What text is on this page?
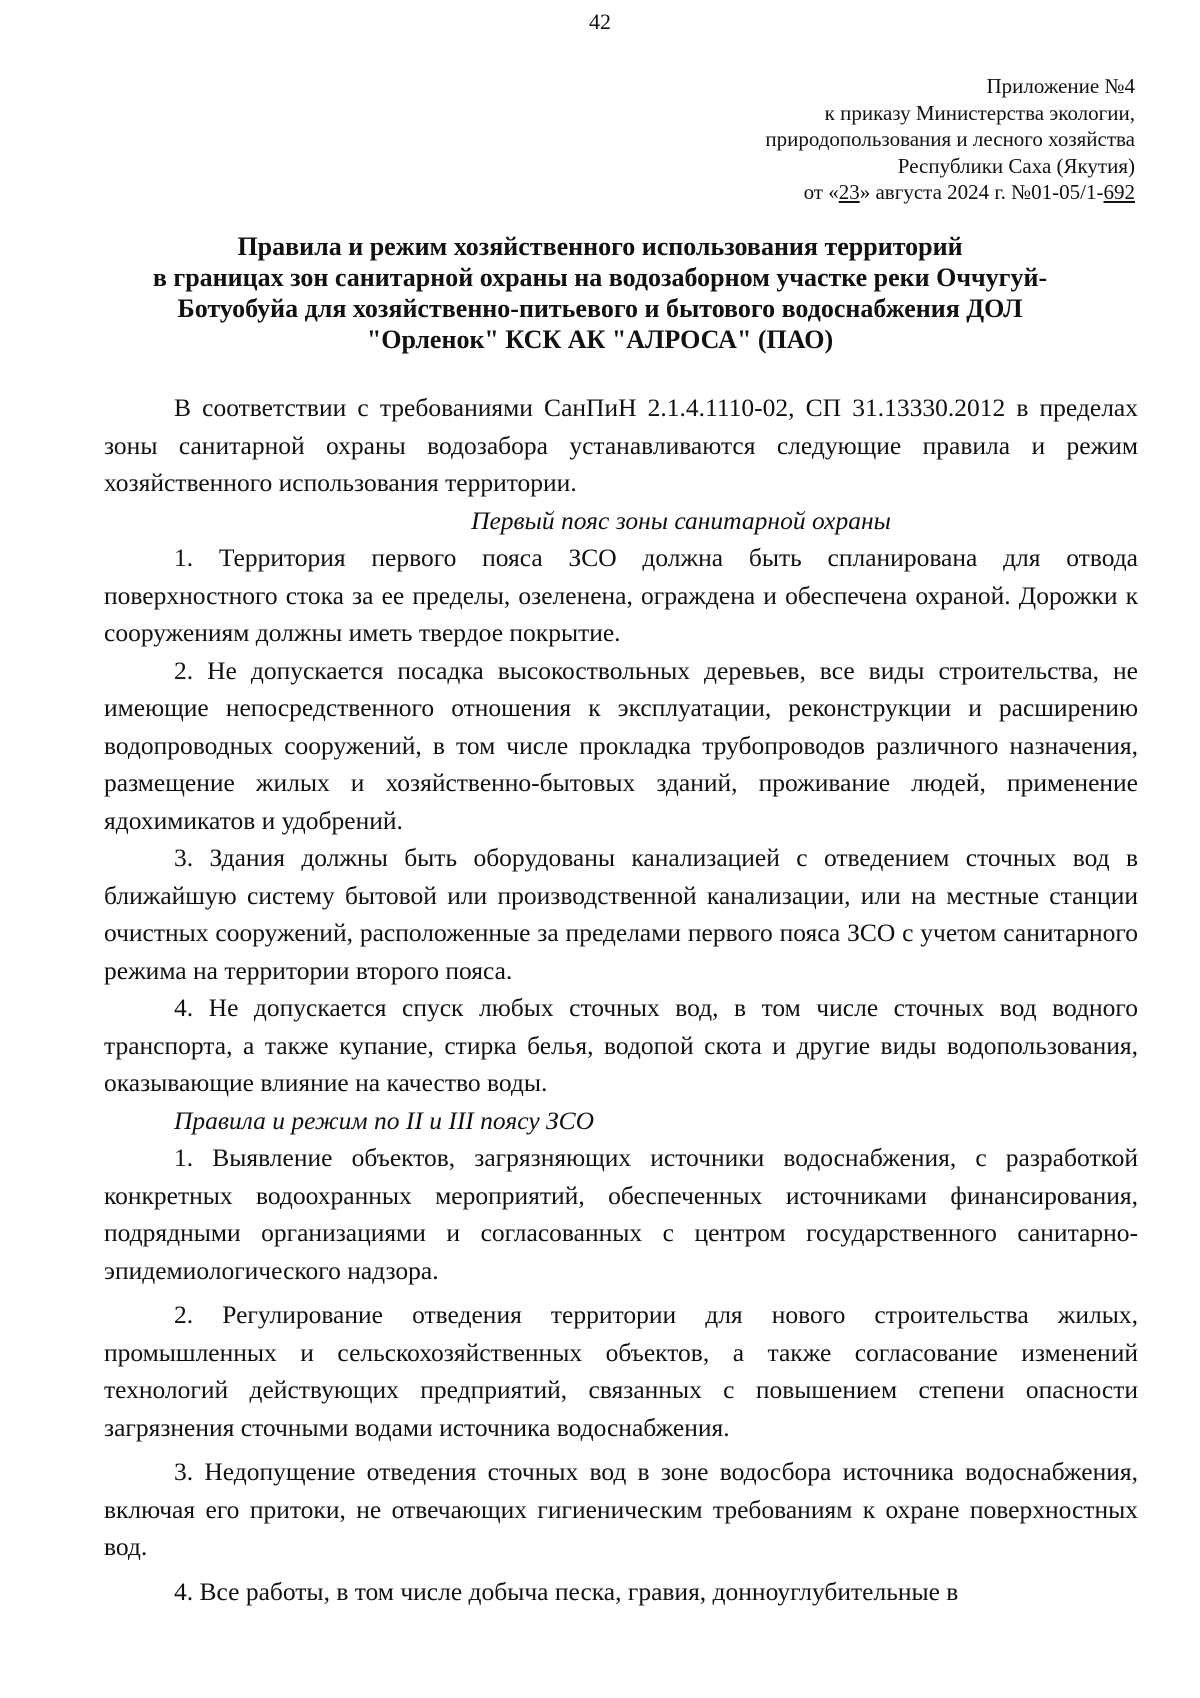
42
Приложение №4
к приказу Министерства экологии,
природопользования и лесного хозяйства
Республики Саха (Якутия)
от «23» августа 2024 г. №01-05/1-692
Правила и режим хозяйственного использования территорий
в границах зон санитарной охраны на водозаборном участке реки Оччугуй-
Ботуобуйа для хозяйственно-питьевого и бытового водоснабжения ДОЛ
"Орленок" КСК АК "АЛРОСА" (ПАО)

В соответствии с требованиями СанПиН 2.1.4.1110-02, СП 31.13330.2012 в пределах зоны санитарной охраны водозабора устанавливаются следующие правила и режим хозяйственного использования территории.

Первый пояс зоны санитарной охраны

1. Территория первого пояса ЗСО должна быть спланирована для отвода поверхностного стока за ее пределы, озеленена, ограждена и обеспечена охраной. Дорожки к сооружениям должны иметь твердое покрытие.

2. Не допускается посадка высокоствольных деревьев, все виды строительства, не имеющие непосредственного отношения к эксплуатации, реконструкции и расширению водопроводных сооружений, в том числе прокладка трубопроводов различного назначения, размещение жилых и хозяйственно-бытовых зданий, проживание людей, применение ядохимикатов и удобрений.

3. Здания должны быть оборудованы канализацией с отведением сточных вод в ближайшую систему бытовой или производственной канализации, или на местные станции очистных сооружений, расположенные за пределами первого пояса ЗСО с учетом санитарного режима на территории второго пояса.

4. Не допускается спуск любых сточных вод, в том числе сточных вод водного транспорта, а также купание, стирка белья, водопой скота и другие виды водопользования, оказывающие влияние на качество воды.

Правила и режим по II и III поясу ЗСО

1. Выявление объектов, загрязняющих источники водоснабжения, с разработкой конкретных водоохранных мероприятий, обеспеченных источниками финансирования, подрядными организациями и согласованных с центром государственного санитарно-эпидемиологического надзора.

2. Регулирование отведения территории для нового строительства жилых, промышленных и сельскохозяйственных объектов, а также согласование изменений технологий действующих предприятий, связанных с повышением степени опасности загрязнения сточными водами источника водоснабжения.

3. Недопущение отведения сточных вод в зоне водосбора источника водоснабжения, включая его притоки, не отвечающих гигиеническим требованиям к охране поверхностных вод.

4. Все работы, в том числе добыча песка, гравия, донноуглубительные в
